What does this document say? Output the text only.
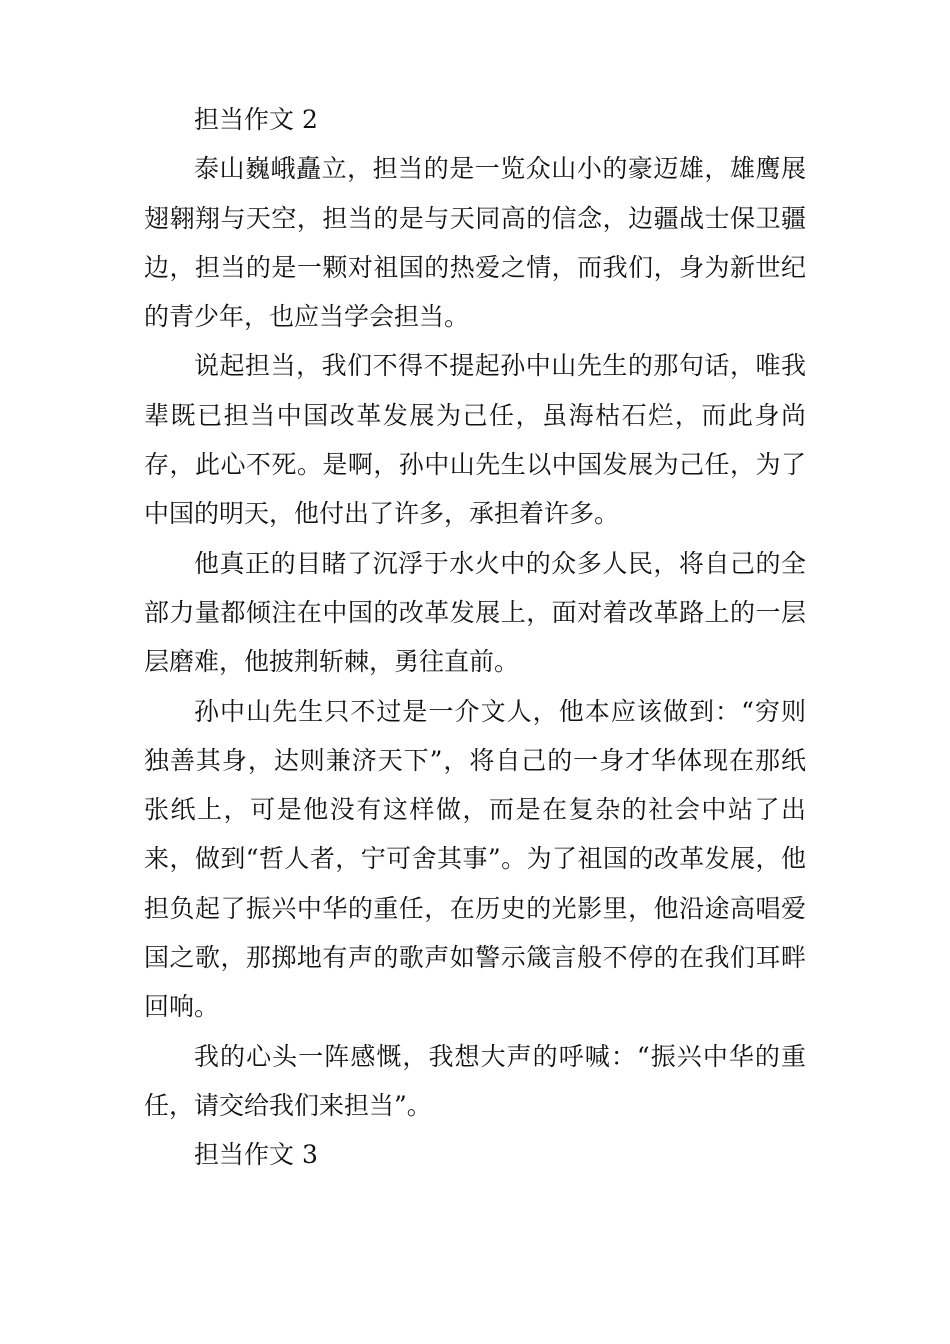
担当作文 2

泰山巍峨矗立，担当的是一览众山小的豪迈雄，雄鹰展翅翱翔与天空，担当的是与天同高的信念，边疆战士保卫疆边，担当的是一颗对祖国的热爱之情，而我们，身为新世纪的青少年，也应当学会担当。

说起担当，我们不得不提起孙中山先生的那句话，唯我辈既已担当中国改革发展为己任，虽海枯石烂，而此身尚存，此心不死。是啊，孙中山先生以中国发展为己任，为了中国的明天，他付出了许多，承担着许多。

他真正的目睹了沉浮于水火中的众多人民，将自己的全部力量都倾注在中国的改革发展上，面对着改革路上的一层层磨难，他披荆斩棘，勇往直前。

孙中山先生只不过是一介文人，他本应该做到：“穷则独善其身，达则兼济天下”，将自己的一身才华体现在那纸张纸上，可是他没有这样做，而是在复杂的社会中站了出来，做到“哲人者，宁可舍其事”。为了祖国的改革发展，他担负起了振兴中华的重任，在历史的光影里，他沿途高唱爱国之歌，那掷地有声的歌声如警示箴言般不停的在我们耳畔回响。

我的心头一阵感慨，我想大声的呼喊：“振兴中华的重任，请交给我们来担当”。

担当作文 3
